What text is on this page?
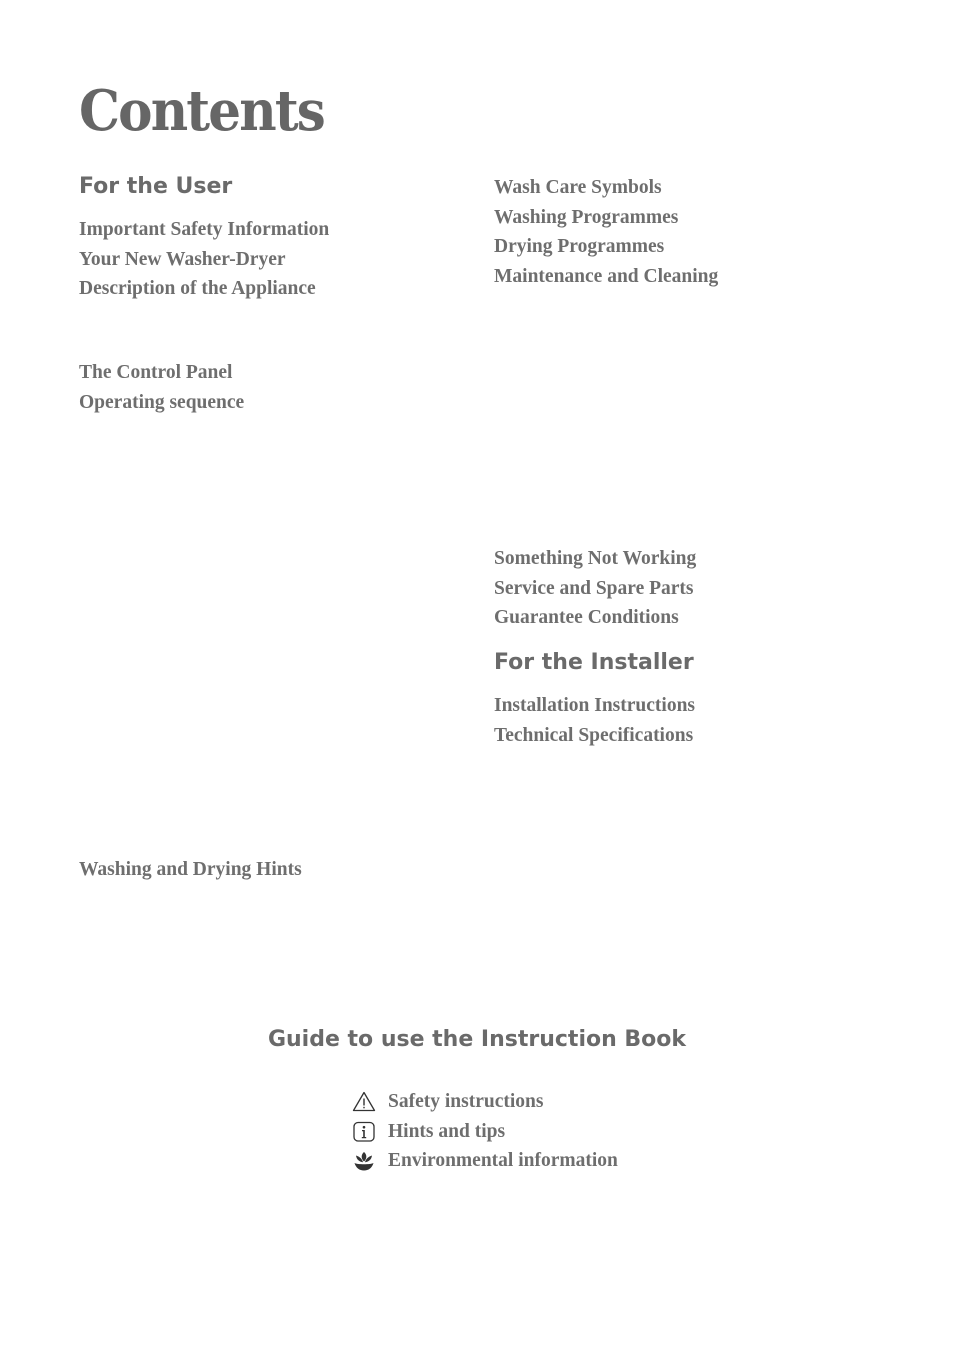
Contents
For the User
Important Safety Information
Your New Washer-Dryer
Description of the Appliance
The Control Panel
Operating sequence
Washing and Drying Hints
Wash Care Symbols
Washing Programmes
Drying Programmes
Maintenance and Cleaning
Something Not Working
Service and Spare Parts
Guarantee Conditions
For the Installer
Installation Instructions
Technical Specifications
Guide to use the Instruction Book
Safety instructions
Hints and tips
Environmental information
